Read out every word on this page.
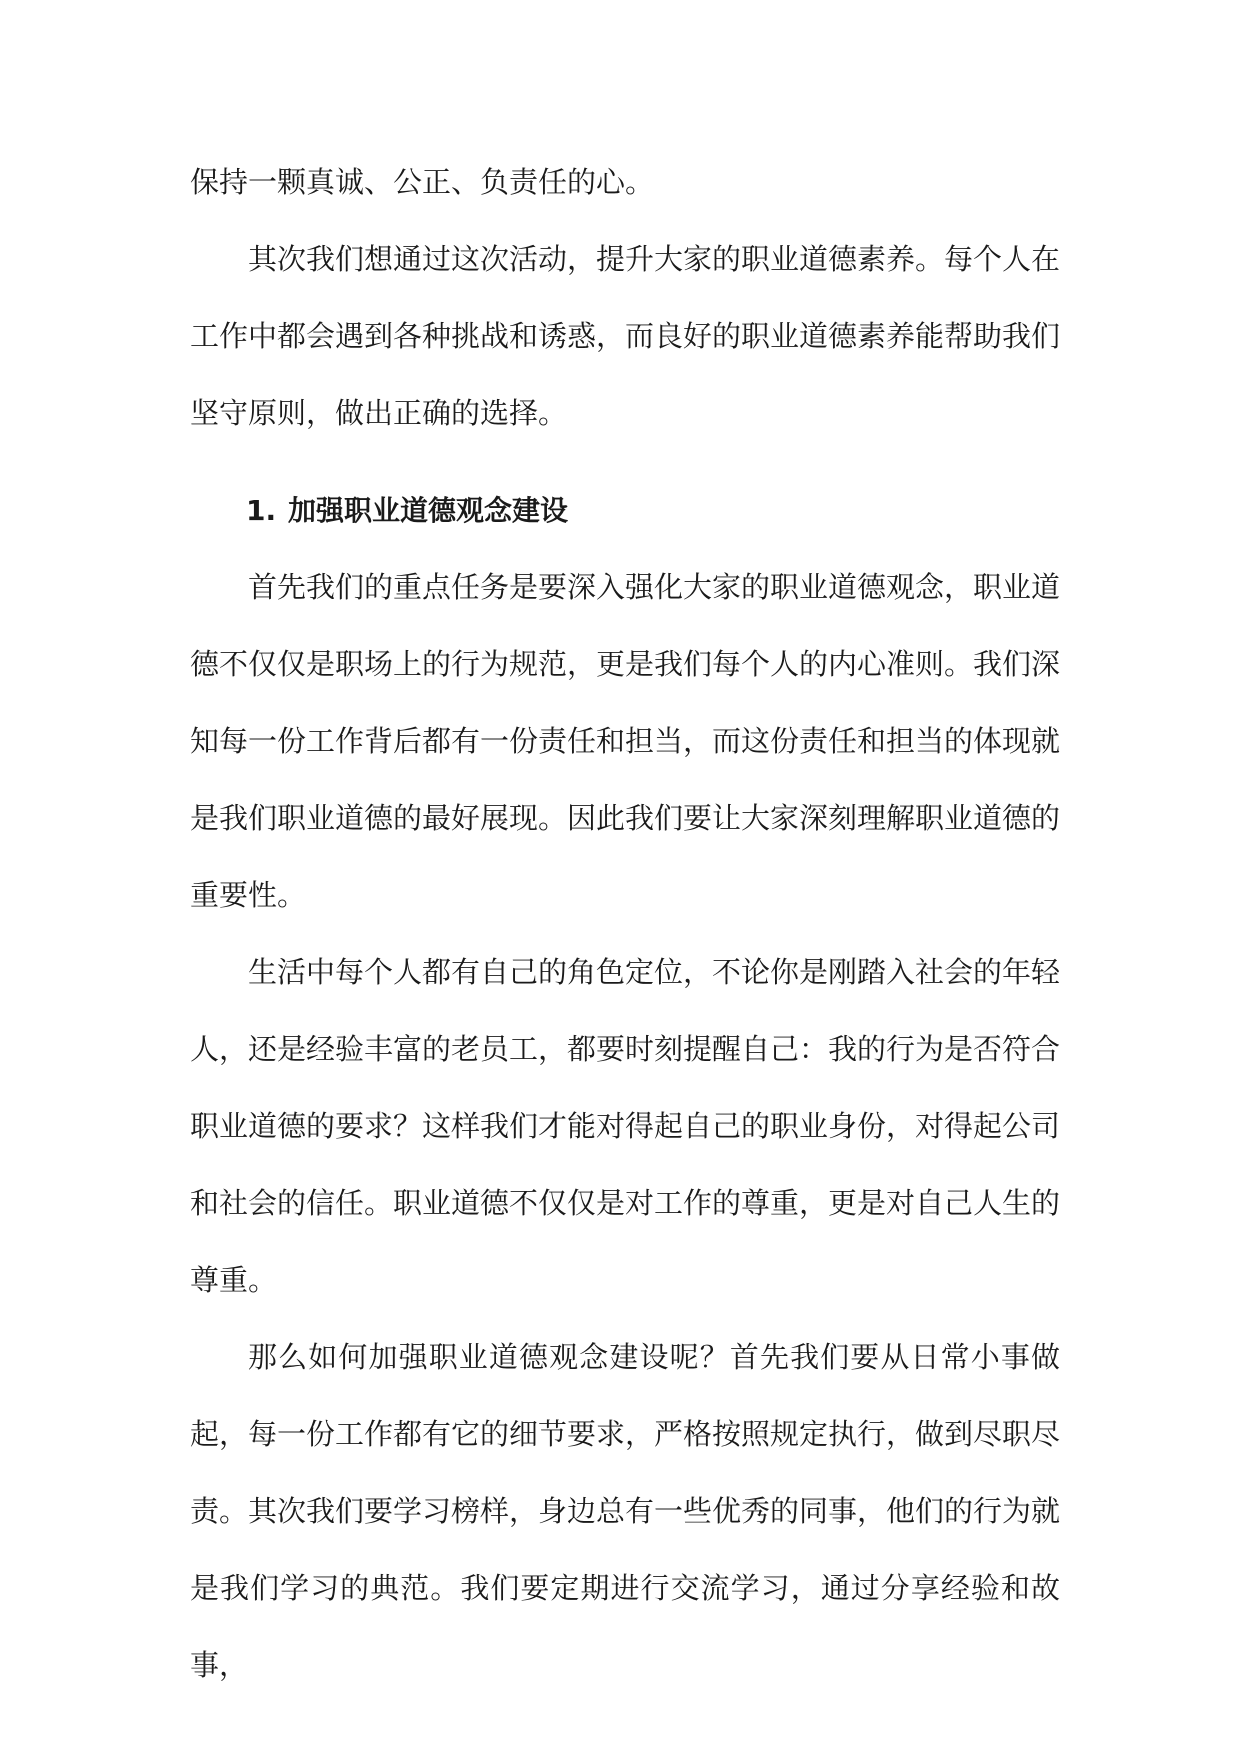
保持一颗真诚、公正、负责任的心。

其次我们想通过这次活动，提升大家的职业道德素养。每个人在工作中都会遇到各种挑战和诱惑，而良好的职业道德素养能帮助我们坚守原则，做出正确的选择。

1. 加强职业道德观念建设

首先我们的重点任务是要深入强化大家的职业道德观念，职业道德不仅仅是职场上的行为规范，更是我们每个人的内心准则。我们深知每一份工作背后都有一份责任和担当，而这份责任和担当的体现就是我们职业道德的最好展现。因此我们要让大家深刻理解职业道德的重要性。

生活中每个人都有自己的角色定位，不论你是刚踏入社会的年轻人，还是经验丰富的老员工，都要时刻提醒自己：我的行为是否符合职业道德的要求？这样我们才能对得起自己的职业身份，对得起公司和社会的信任。职业道德不仅仅是对工作的尊重，更是对自己人生的尊重。

那么如何加强职业道德观念建设呢？首先我们要从日常小事做起，每一份工作都有它的细节要求，严格按照规定执行，做到尽职尽责。其次我们要学习榜样，身边总有一些优秀的同事，他们的行为就是我们学习的典范。我们要定期进行交流学习，通过分享经验和故事，
